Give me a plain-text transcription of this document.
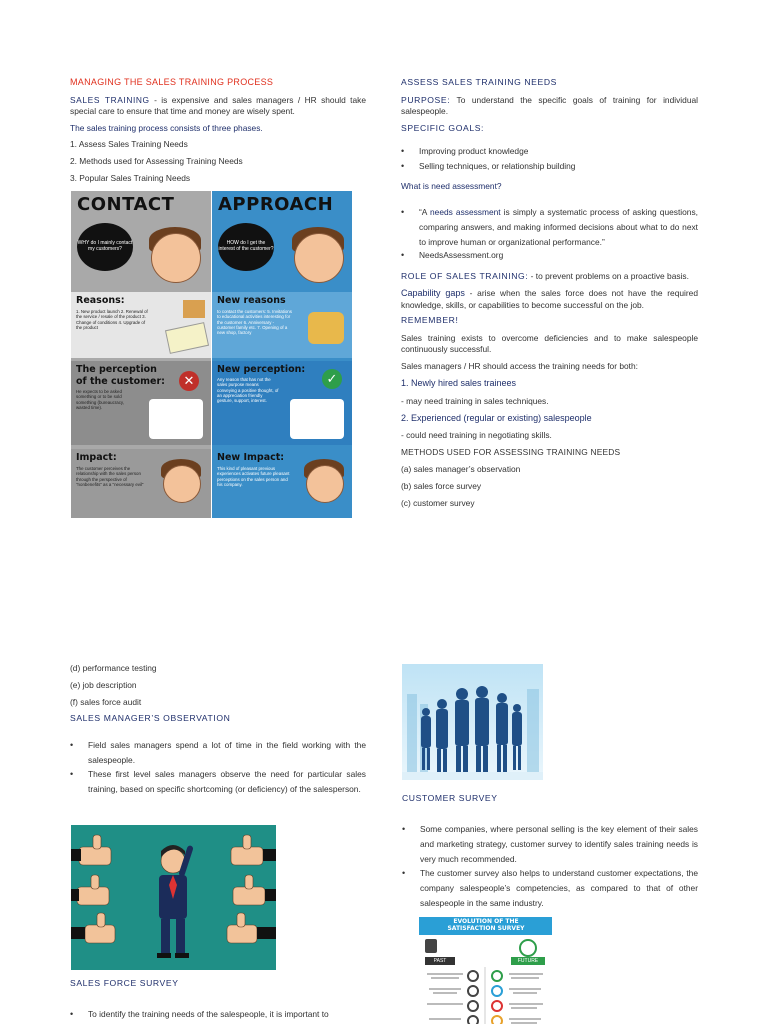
MANAGING THE SALES TRAINING PROCESS

SALES TRAINING - is expensive and sales managers / HR should take special care to ensure that time and money are wisely spent.

The sales training process consists of three phases.

1. Assess Sales Training Needs

2. Methods used for Assessing Training Needs

3. Popular Sales Training Needs

CONTACT
WHY do I mainly contact my customers?
Reasons:
1. New product launch 2. Renewal of the service / resale of the product 3. Change of conditions 4. Upgrade of the product
The perception of the customer:
He expects to be asked something or to be sold something (bureaucracy, wasted time).
✕
Impact:
The customer perceives the relationship with the sales person through the perspective of "nonbenefits" as a "necessary evil"
APPROACH
HOW do I get the interest of the customer?
New reasons
to contact the customers: 5. Invitations to educational activities interesting for the customer 6. Anniversary - customer family etc. 7. Opening of a new shop, factory
New perception:
Any reason that has not the sales purpose means conveying a positive thought, of an appreciation friendly gesture, support, interest.
✓
New Impact:
This kind of pleasant previous experiences activates future pleasant perceptions on the sales person and his company.
ASSESS SALES TRAINING NEEDS

PURPOSE: To understand the specific goals of training for individual salespeople.

SPECIFIC GOALS:
• Improving product knowledge
• Selling techniques, or relationship building

What is need assessment?

• “A needs assessment is simply a systematic process of asking questions, comparing answers, and making informed decisions about what to do next to improve human or organizational performance.”
• NeedsAssessment.org

ROLE OF SALES TRAINING: - to prevent problems on a proactive basis.

Capability gaps - arise when the sales force does not have the required knowledge, skills, or capabilities to become successful on the job.

REMEMBER!

Sales training exists to overcome deficiencies and to make salespeople continuously successful.

Sales managers / HR should access the training needs for both:

1. Newly hired sales trainees

- may need training in sales techniques.

2. Experienced (regular or existing) salespeople

- could need training in negotiating skills.

METHODS USED FOR ASSESSING TRAINING NEEDS

(a) sales manager’s observation

(b) sales force survey

(c) customer survey

(d) performance testing

(e) job description

(f) sales force audit

SALES MANAGER’S OBSERVATION
• Field sales managers spend a lot of time in the field working with the salespeople.
• These first level sales managers observe the need for particular sales training, based on specific shortcoming (or deficiency) of the salesperson.
SALES FORCE SURVEY
• To identify the training needs of the salespeople, it is important to
CUSTOMER SURVEY
• Some companies, where personal selling is the key element of their sales and marketing strategy, customer survey to identify sales training needs is very much recommended.
• The customer survey also helps to understand customer expectations, the company salespeople’s competencies, as compared to that of other salespeople in the same industry.
EVOLUTION OF THE SATISFACTION SURVEY
PAST	FUTURE
